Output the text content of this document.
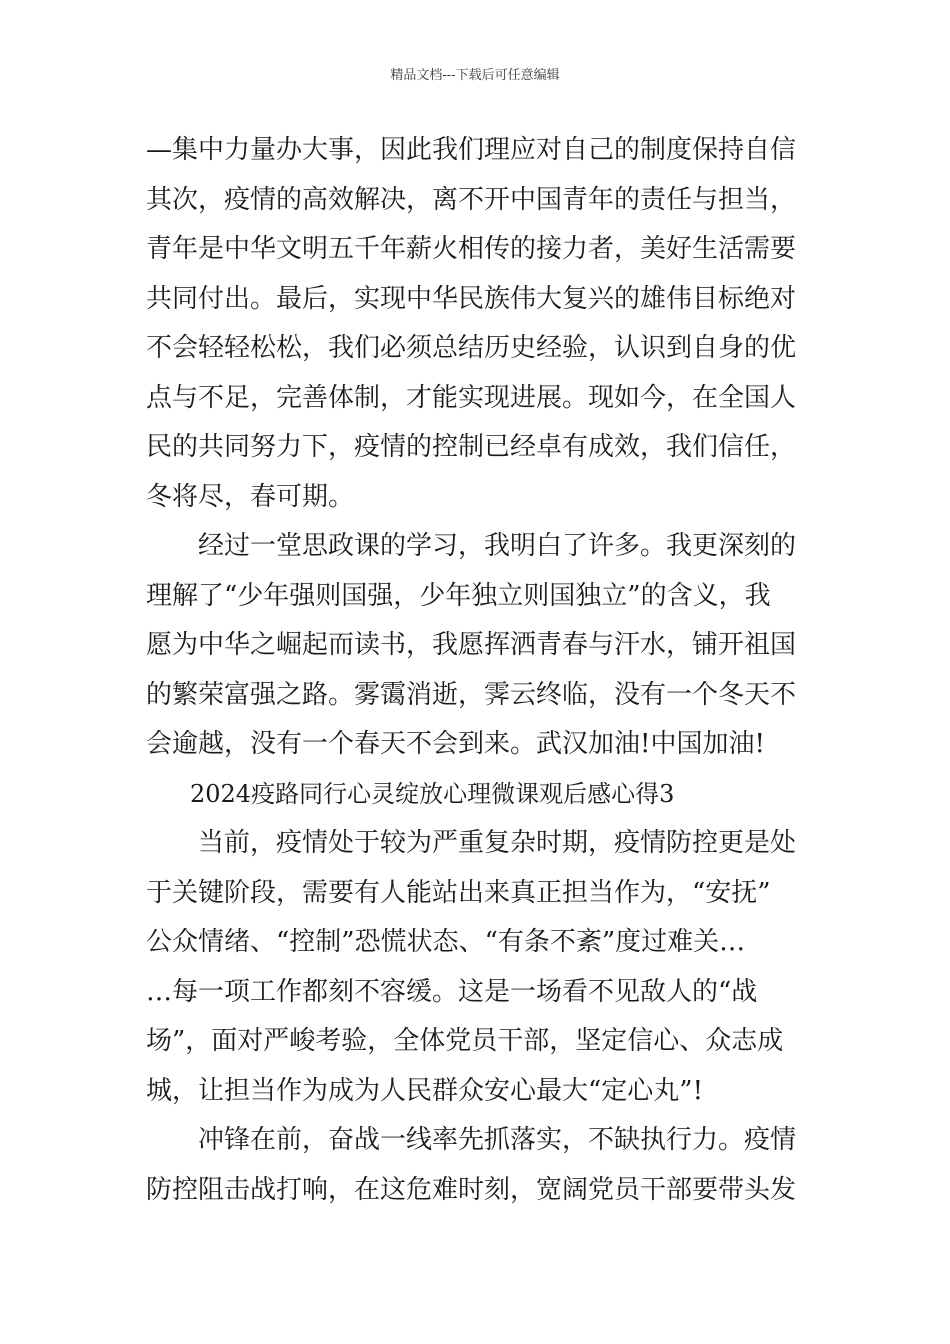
精品文档---下载后可任意编辑
—集中力量办大事，因此我们理应对自己的制度保持自信
其次，疫情的高效解决，离不开中国青年的责任与担当，
青年是中华文明五千年薪火相传的接力者，美好生活需要
共同付出。最后，实现中华民族伟大复兴的雄伟目标绝对
不会轻轻松松，我们必须总结历史经验，认识到自身的优
点与不足，完善体制，才能实现进展。现如今，在全国人
民的共同努力下，疫情的控制已经卓有成效，我们信任，
冬将尽，春可期。
经过一堂思政课的学习，我明白了许多。我更深刻的
理解了“少年强则国强，少年独立则国独立”的含义，我
愿为中华之崛起而读书，我愿挥洒青春与汗水，铺开祖国
的繁荣富强之路。雾霭消逝，霁云终临，没有一个冬天不
会逾越，没有一个春天不会到来。武汉加油!中国加油!
2024疫路同行心灵绽放心理微课观后感心得3
当前，疫情处于较为严重复杂时期，疫情防控更是处
于关键阶段，需要有人能站出来真正担当作为，“安抚”
公众情绪、“控制”恐慌状态、“有条不紊”度过难关…
…每一项工作都刻不容缓。这是一场看不见敌人的“战
场”，面对严峻考验，全体党员干部，坚定信心、众志成
城，让担当作为成为人民群众安心最大“定心丸”!
冲锋在前，奋战一线率先抓落实，不缺执行力。疫情
防控阻击战打响，在这危难时刻，宽阔党员干部要带头发
